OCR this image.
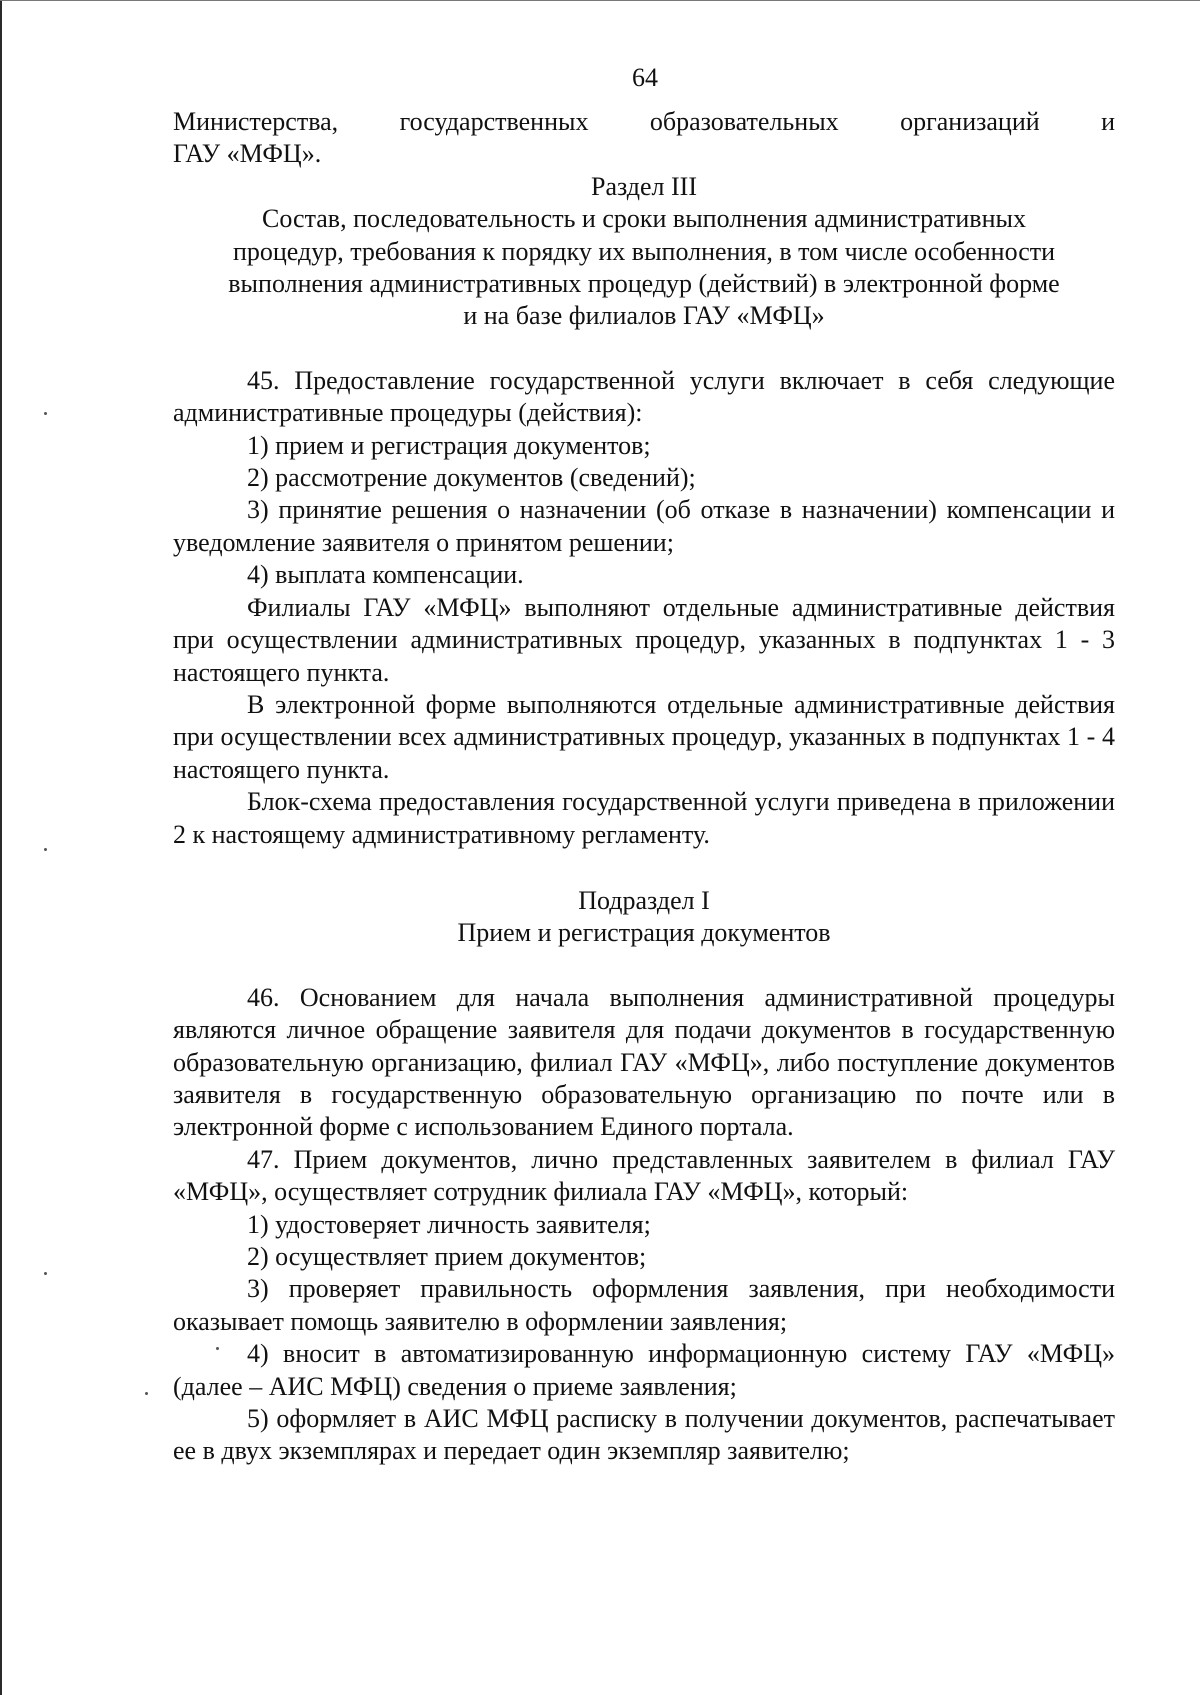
64

Министерства, государственных образовательных организаций и

ГАУ «МФЦ».

Раздел III

Состав, последовательность и сроки выполнения административных

процедур, требования к порядку их выполнения, в том числе особенности

выполнения административных процедур (действий) в электронной форме

и на базе филиалов ГАУ «МФЦ»

45. Предоставление государственной услуги включает в себя следующие административные процедуры (действия):

1) прием и регистрация документов;

2) рассмотрение документов (сведений);

3) принятие решения о назначении (об отказе в назначении) компенсации и уведомление заявителя о принятом решении;

4) выплата компенсации.

Филиалы ГАУ «МФЦ» выполняют отдельные административные действия при осуществлении административных процедур, указанных в подпунктах 1 - 3 настоящего пункта.

В электронной форме выполняются отдельные административные действия при осуществлении всех административных процедур, указанных в подпунктах 1 - 4 настоящего пункта.

Блок-схема предоставления государственной услуги приведена в приложении 2 к настоящему административному регламенту.

Подраздел I

Прием и регистрация документов

46. Основанием для начала выполнения административной процедуры являются личное обращение заявителя для подачи документов в государственную образовательную организацию, филиал ГАУ «МФЦ», либо поступление документов заявителя в государственную образовательную организацию по почте или в электронной форме с использованием Единого портала.

47. Прием документов, лично представленных заявителем в филиал ГАУ «МФЦ», осуществляет сотрудник филиала ГАУ «МФЦ», который:

1) удостоверяет личность заявителя;

2) осуществляет прием документов;

3) проверяет правильность оформления заявления, при необходимости оказывает помощь заявителю в оформлении заявления;

4) вносит в автоматизированную информационную систему ГАУ «МФЦ» (далее – АИС МФЦ) сведения о приеме заявления;

5) оформляет в АИС МФЦ расписку в получении документов, распечатывает ее в двух экземплярах и передает один экземпляр заявителю;
